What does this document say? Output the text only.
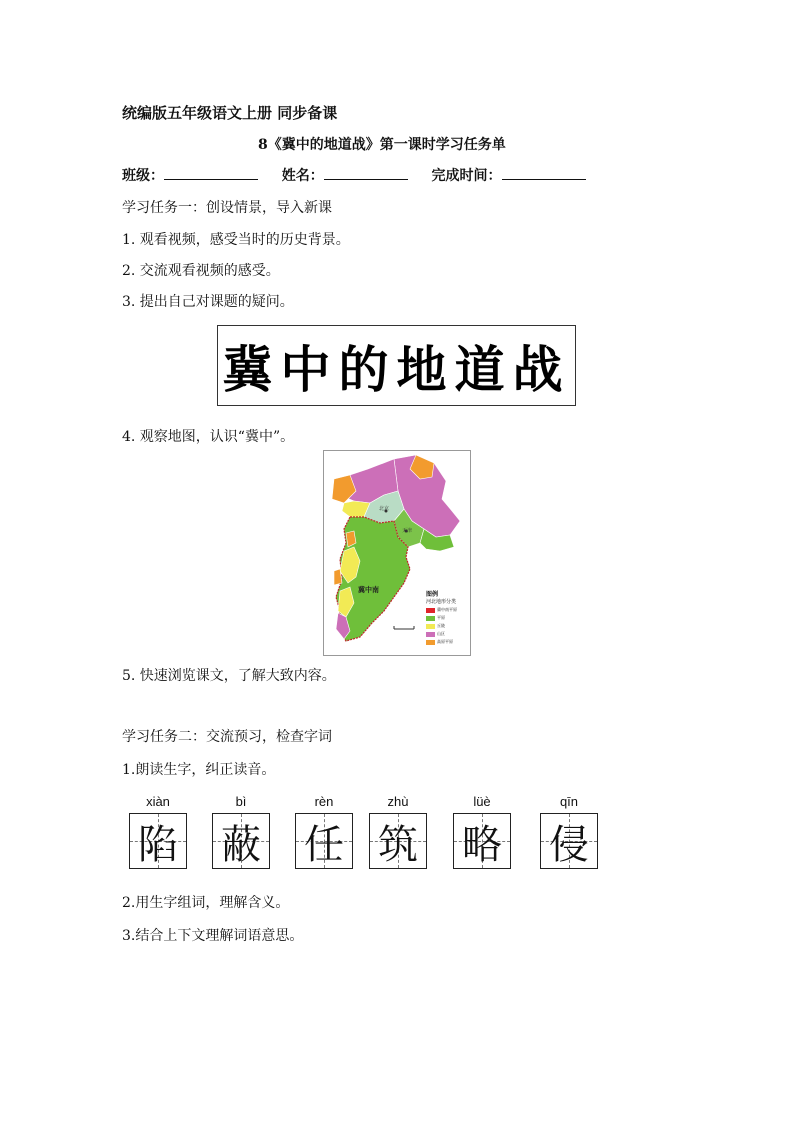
统编版五年级语文上册 同步备课
8《冀中的地道战》第一课时学习任务单
班级：	姓名：	完成时间：
学习任务一：创设情景，导入新课
1. 观看视频，感受当时的历史背景。
2. 交流观看视频的感受。
3. 提出自己对课题的疑问。
冀中的地道战
4. 观察地图，认识“冀中”。
北京
天津
冀中南
图例
河北地形分类
冀中南平原
平原
丘陵
山区
高原平原
5. 快速浏览课文，了解大致内容。
学习任务二：交流预习，检查字词
1.朗读生字，纠正读音。
xiàn
陷
bì
蔽
rèn
任
zhù
筑
lüè
略
qīn
侵
2.用生字组词，理解含义。
3.结合上下文理解词语意思。
